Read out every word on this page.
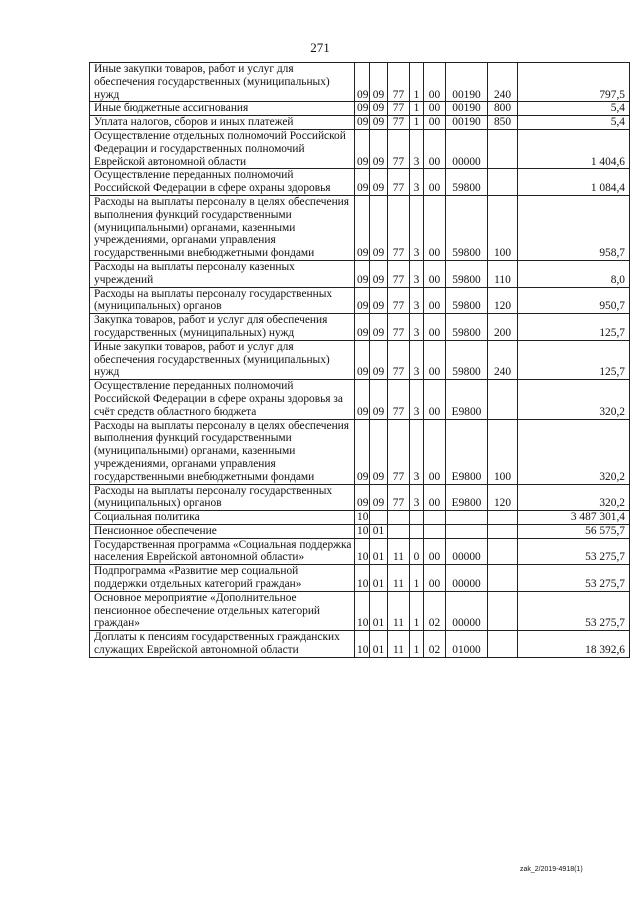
271
Иные закупки товаров, работ и услуг для обеспечения государственных (муниципальных) нужд	09	09	77	1	00	00190	240	797,5
Иные бюджетные ассигнования	09	09	77	1	00	00190	800	5,4
Уплата налогов, сборов и иных платежей	09	09	77	1	00	00190	850	5,4
Осуществление отдельных полномочий Российской Федерации и государственных полномочий Еврейской автономной области	09	09	77	3	00	00000		1 404,6
Осуществление переданных полномочий Российской Федерации в сфере охраны здоровья	09	09	77	3	00	59800		1 084,4
Расходы на выплаты персоналу в целях обеспечения выполнения функций государственными (муниципальными) органами, казенными учреждениями, органами управления государственными внебюджетными фондами	09	09	77	3	00	59800	100	958,7
Расходы на выплаты персоналу казенных учреждений	09	09	77	3	00	59800	110	8,0
Расходы на выплаты персоналу государственных (муниципальных) органов	09	09	77	3	00	59800	120	950,7
Закупка товаров, работ и услуг для обеспечения государственных (муниципальных) нужд	09	09	77	3	00	59800	200	125,7
Иные закупки товаров, работ и услуг для обеспечения государственных (муниципальных) нужд	09	09	77	3	00	59800	240	125,7
Осуществление переданных полномочий Российской Федерации в сфере охраны здоровья за счёт средств областного бюджета	09	09	77	3	00	E9800		320,2
Расходы на выплаты персоналу в целях обеспечения выполнения функций государственными (муниципальными) органами, казенными учреждениями, органами управления государственными внебюджетными фондами	09	09	77	3	00	E9800	100	320,2
Расходы на выплаты персоналу государственных (муниципальных) органов	09	09	77	3	00	E9800	120	320,2
Социальная политика	10							3 487 301,4
Пенсионное обеспечение	10	01						56 575,7
Государственная программа «Социальная поддержка населения Еврейской автономной области»	10	01	11	0	00	00000		53 275,7
Подпрограмма «Развитие мер социальной поддержки отдельных категорий граждан»	10	01	11	1	00	00000		53 275,7
Основное мероприятие «Дополнительное пенсионное обеспечение отдельных категорий граждан»	10	01	11	1	02	00000		53 275,7
Доплаты к пенсиям государственных гражданских служащих Еврейской автономной области	10	01	11	1	02	01000		18 392,6
zak_2/2019-4918(1)
